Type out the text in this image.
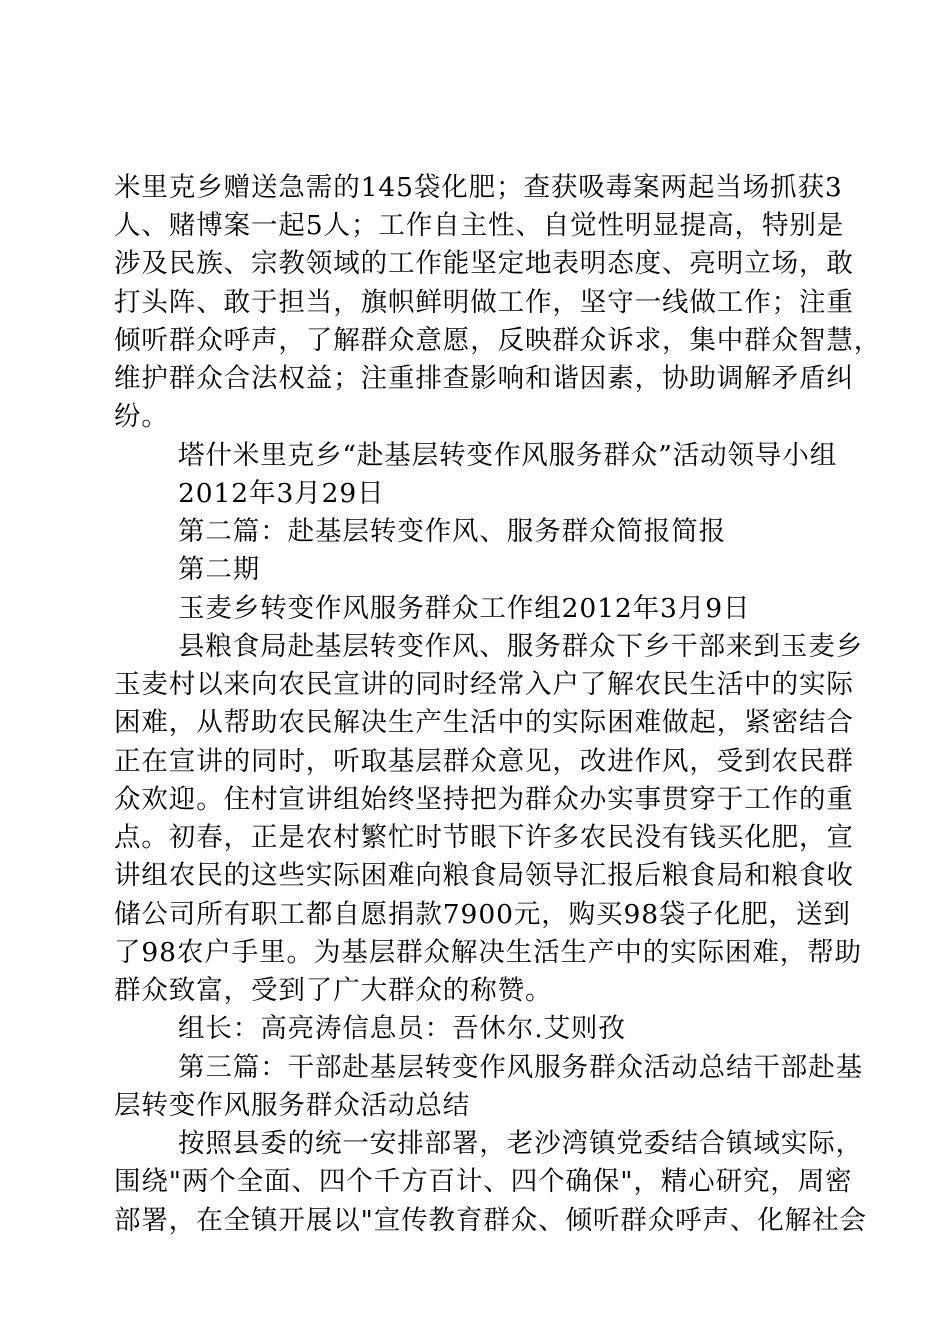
米里克乡赠送急需的145袋化肥；查获吸毒案两起当场抓获3
人、赌博案一起5人；工作自主性、自觉性明显提高，特别是
涉及民族、宗教领域的工作能坚定地表明态度、亮明立场，敢
打头阵、敢于担当，旗帜鲜明做工作，坚守一线做工作；注重
倾听群众呼声，了解群众意愿，反映群众诉求，集中群众智慧，
维护群众合法权益；注重排查影响和谐因素，协助调解矛盾纠
纷。
塔什米里克乡“赴基层转变作风服务群众”活动领导小组
2012年3月29日
第二篇：赴基层转变作风、服务群众简报简报
第二期
玉麦乡转变作风服务群众工作组2012年3月9日
县粮食局赴基层转变作风、服务群众下乡干部来到玉麦乡
玉麦村以来向农民宣讲的同时经常入户了解农民生活中的实际
困难，从帮助农民解决生产生活中的实际困难做起，紧密结合
正在宣讲的同时，听取基层群众意见，改进作风，受到农民群
众欢迎。住村宣讲组始终坚持把为群众办实事贯穿于工作的重
点。初春，正是农村繁忙时节眼下许多农民没有钱买化肥，宣
讲组农民的这些实际困难向粮食局领导汇报后粮食局和粮食收
储公司所有职工都自愿捐款7900元，购买98袋子化肥，送到
了98农户手里。为基层群众解决生活生产中的实际困难，帮助
群众致富，受到了广大群众的称赞。
组长：高亮涛信息员：吾休尔.艾则孜
第三篇：干部赴基层转变作风服务群众活动总结干部赴基
层转变作风服务群众活动总结
按照县委的统一安排部署，老沙湾镇党委结合镇域实际，
围绕"两个全面、四个千方百计、四个确保"，精心研究，周密
部署，在全镇开展以"宣传教育群众、倾听群众呼声、化解社会
